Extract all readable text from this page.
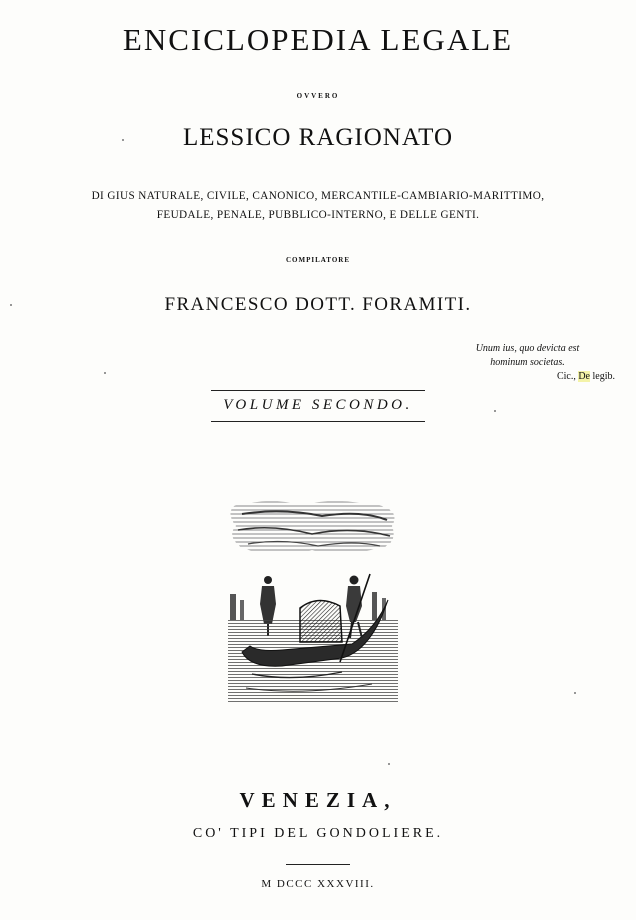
ENCICLOPEDIA LEGALE
OVVERO
LESSICO RAGIONATO
DI GIUS NATURALE, CIVILE, CANONICO, MERCANTILE-CAMBIARIO-MARITTIMO,
FEUDALE, PENALE, PUBBLICO-INTERNO, E DELLE GENTI.
COMPILATORE
FRANCESCO DOTT. FORAMITI.
Unum ius, quo devicta est
hominum societas.
Cic., De legib.
VOLUME SECONDO.
VENEZIA,
CO' TIPI DEL GONDOLIERE.
M DCCC XXXVIII.
